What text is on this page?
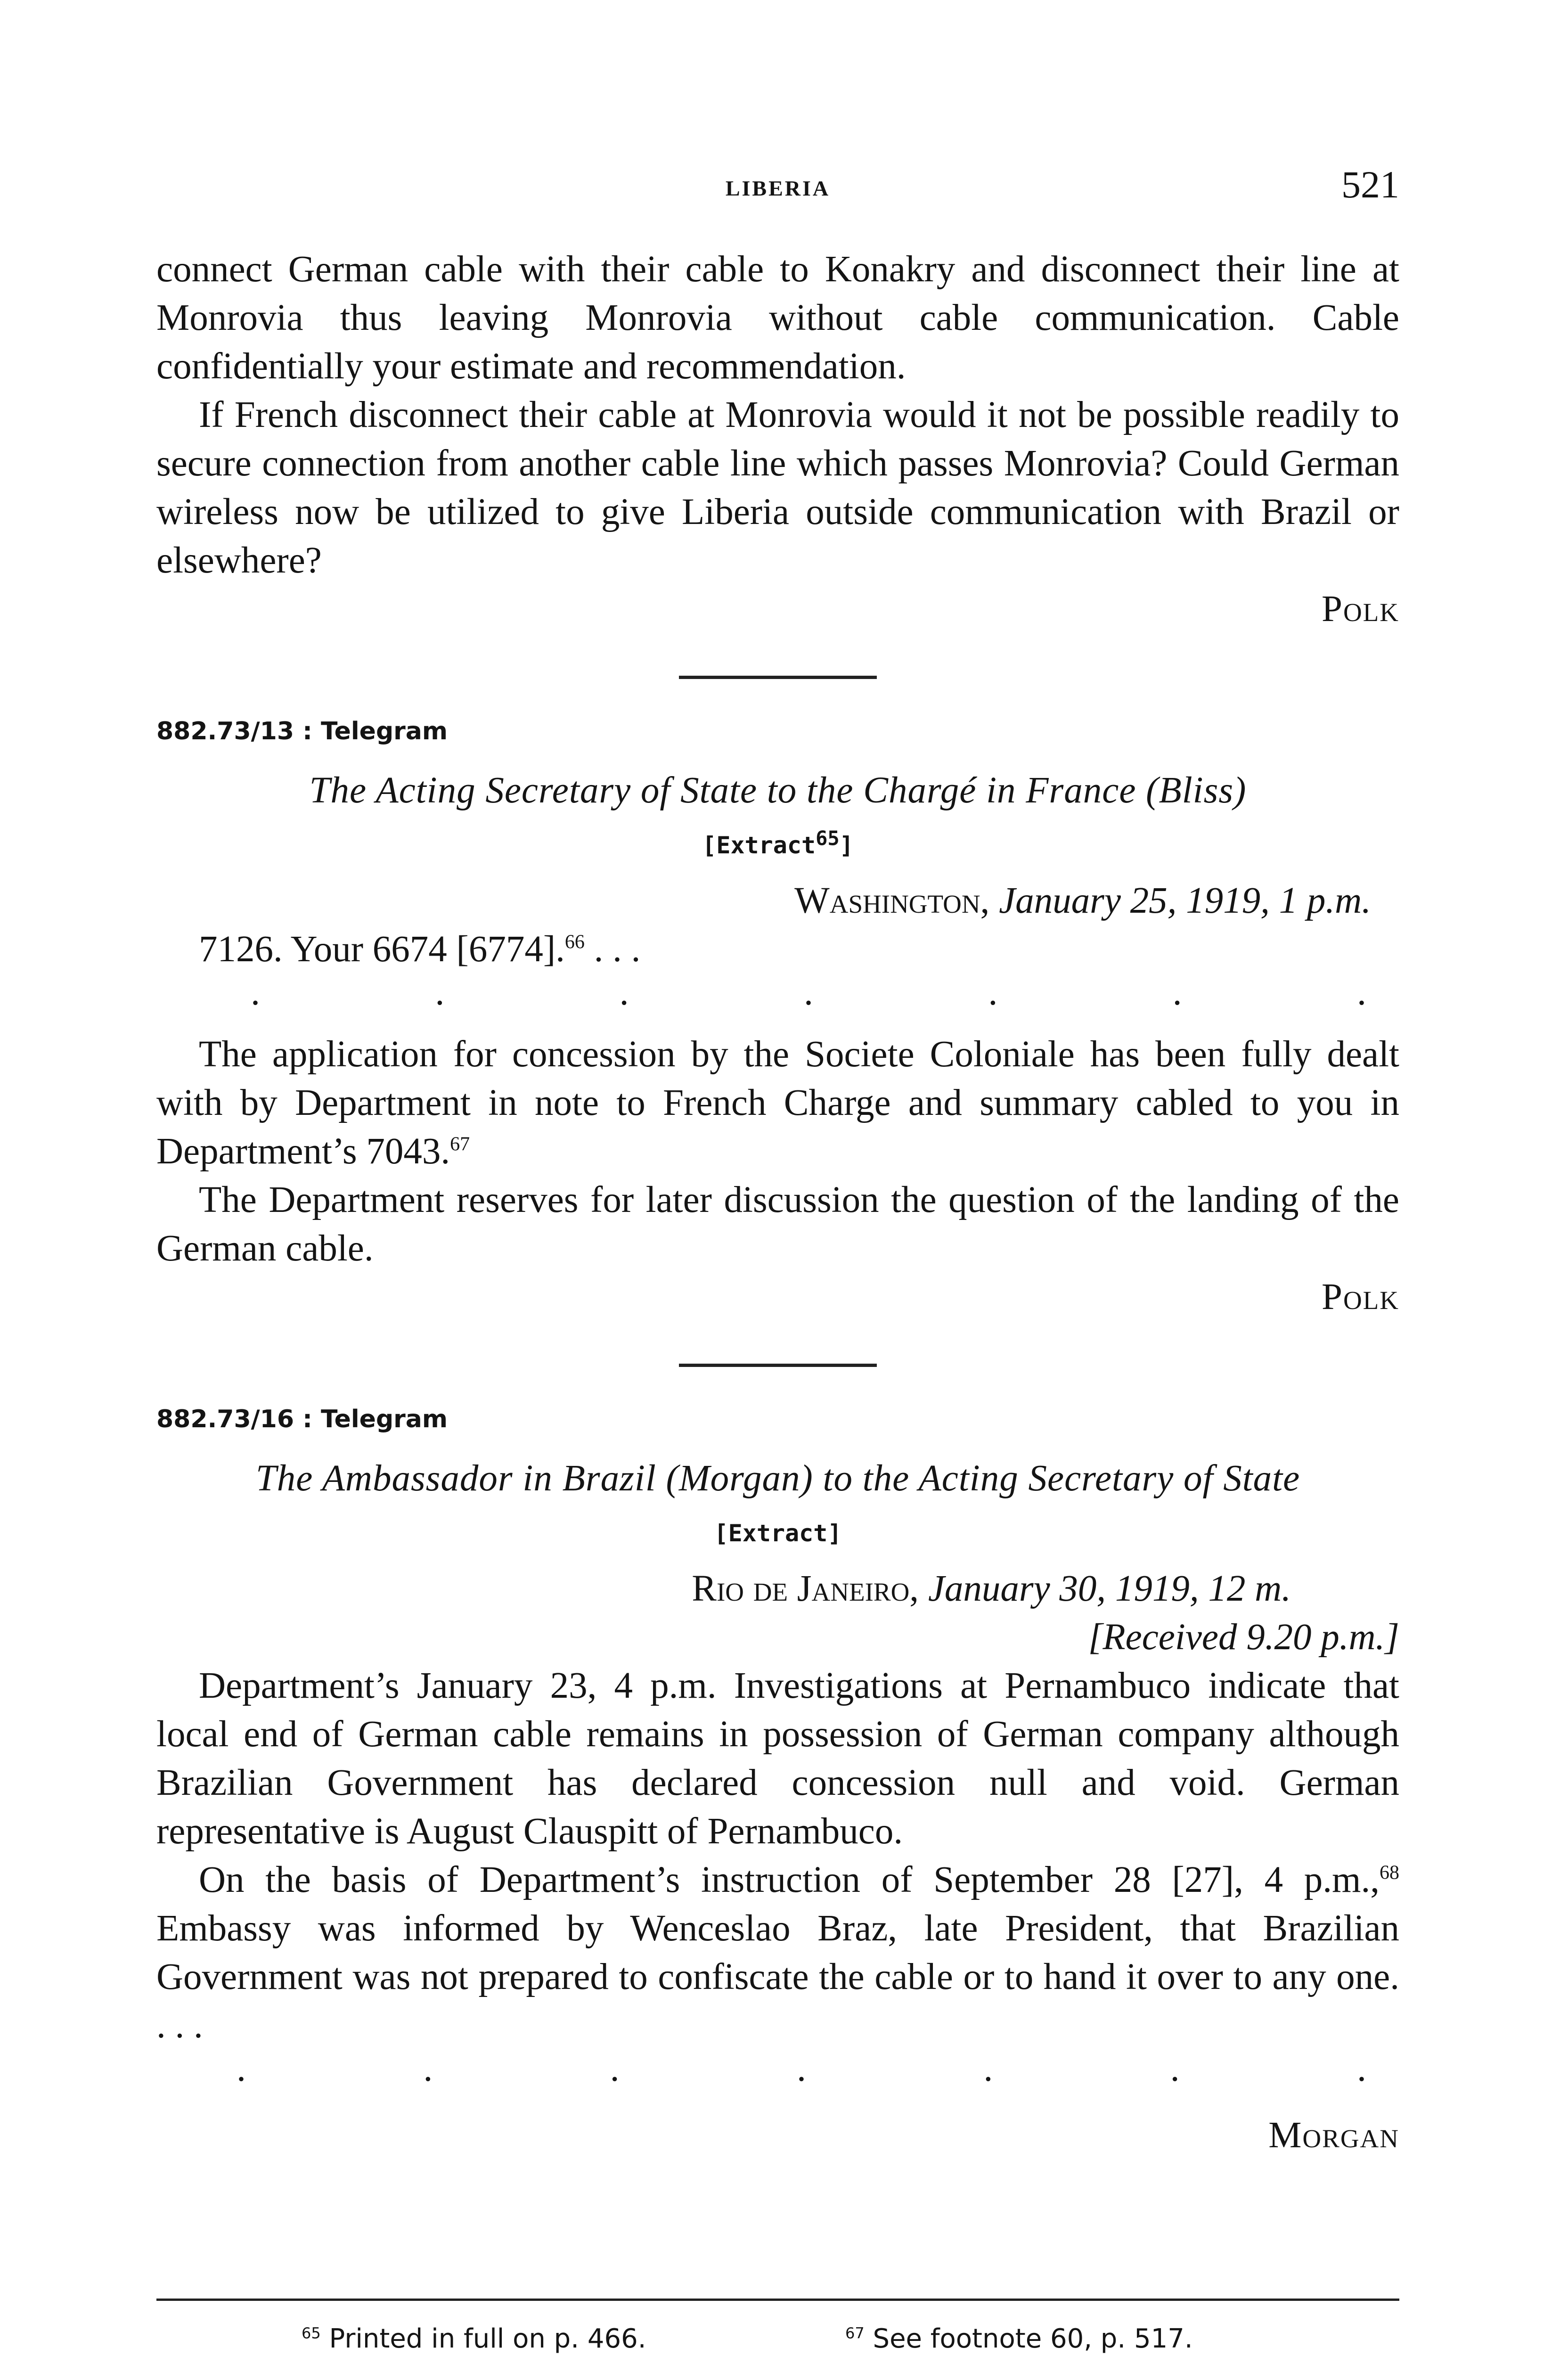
LIBERIA	521

connect German cable with their cable to Konakry and disconnect their line at Monrovia thus leaving Monrovia without cable communication. Cable confidentially your estimate and recommendation.

If French disconnect their cable at Monrovia would it not be possible readily to secure connection from another cable line which passes Monrovia? Could German wireless now be utilized to give Liberia outside communication with Brazil or elsewhere?

Polk

882.73/13 : Telegram

The Acting Secretary of State to the Chargé in France (Bliss)

[Extract$^{65}$]
Washington, January 25, 1919, 1 p.m.

7126. Your 6674 [6774].$^{66}$ . . .

.	.	.	.	.	.	.

The application for concession by the Societe Coloniale has been fully dealt with by Department in note to French Charge and summary cabled to you in Department’s 7043.67

The Department reserves for later discussion the question of the landing of the German cable.

Polk

882.73/16 : Telegram

The Ambassador in Brazil (Morgan) to the Acting Secretary of State

[Extract]
Rio de Janeiro, January 30, 1919, 12 m.
[Received 9.20 p.m.]

Department’s January 23, 4 p.m. Investigations at Pernambuco indicate that local end of German cable remains in possession of German company although Brazilian Government has declared concession null and void. German representative is August Clauspitt of Pernambuco.

On the basis of Department’s instruction of September 28 [27], 4 p.m.,$^{68}$ Embassy was informed by Wenceslao Braz, late President, that Brazilian Government was not prepared to confiscate the cable or to hand it over to any one. . . .

.	.	.	.	.	.	.

Morgan

$^{65}$ Printed in full on p. 466.	$^{67}$ See footnote 60, p. 517.
